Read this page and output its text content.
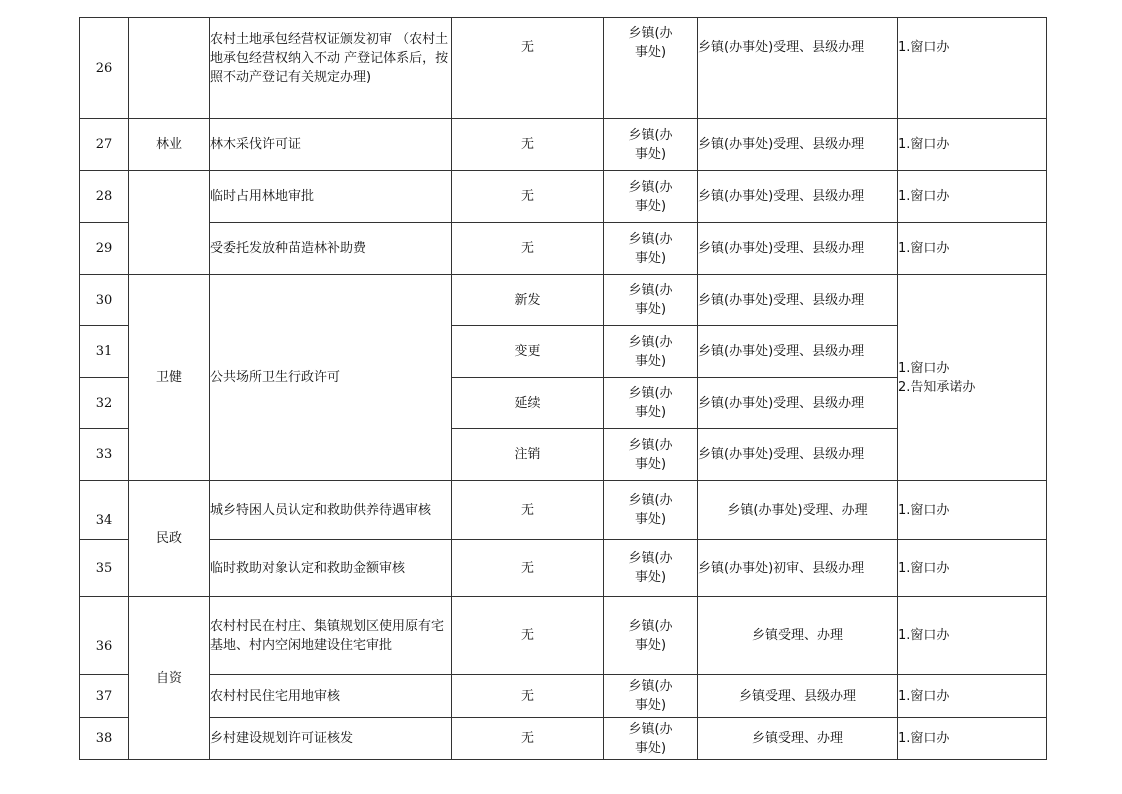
26		农村土地承包经营权证颁发初审 （农村土地承包经营权纳入不动 产登记体系后，按照不动产登记有关规定办理)	无	乡镇(办事处)	乡镇(办事处)受理、县级办理	1.窗口办
27	林业	林木采伐许可证	无	乡镇(办事处)	乡镇(办事处)受理、县级办理	1.窗口办
28		临时占用林地审批	无	乡镇(办事处)	乡镇(办事处)受理、县级办理	1.窗口办
29		受委托发放种苗造林补助费	无	乡镇(办事处)	乡镇(办事处)受理、县级办理	1.窗口办
30	卫健	公共场所卫生行政许可	新发	乡镇(办事处)	乡镇(办事处)受理、县级办理	1.窗口办
2.告知承诺办
31			变更	乡镇(办事处)	乡镇(办事处)受理、县级办理	
32			延续	乡镇(办事处)	乡镇(办事处)受理、县级办理	
33			注销	乡镇(办事处)	乡镇(办事处)受理、县级办理	
34	民政	城乡特困人员认定和救助供养待遇审核	无	乡镇(办事处)	乡镇(办事处)受理、办理	1.窗口办
35		临时救助对象认定和救助金额审核	无	乡镇(办事处)	乡镇(办事处)初审、县级办理	1.窗口办
36	自资	农村村民在村庄、集镇规划区使用原有宅基地、村内空闲地建设住宅审批	无	乡镇(办事处)	乡镇受理、办理	1.窗口办
37		农村村民住宅用地审核	无	乡镇(办事处)	乡镇受理、县级办理	1.窗口办
38		乡村建设规划许可证核发	无	乡镇(办事处)	乡镇受理、办理	1.窗口办
